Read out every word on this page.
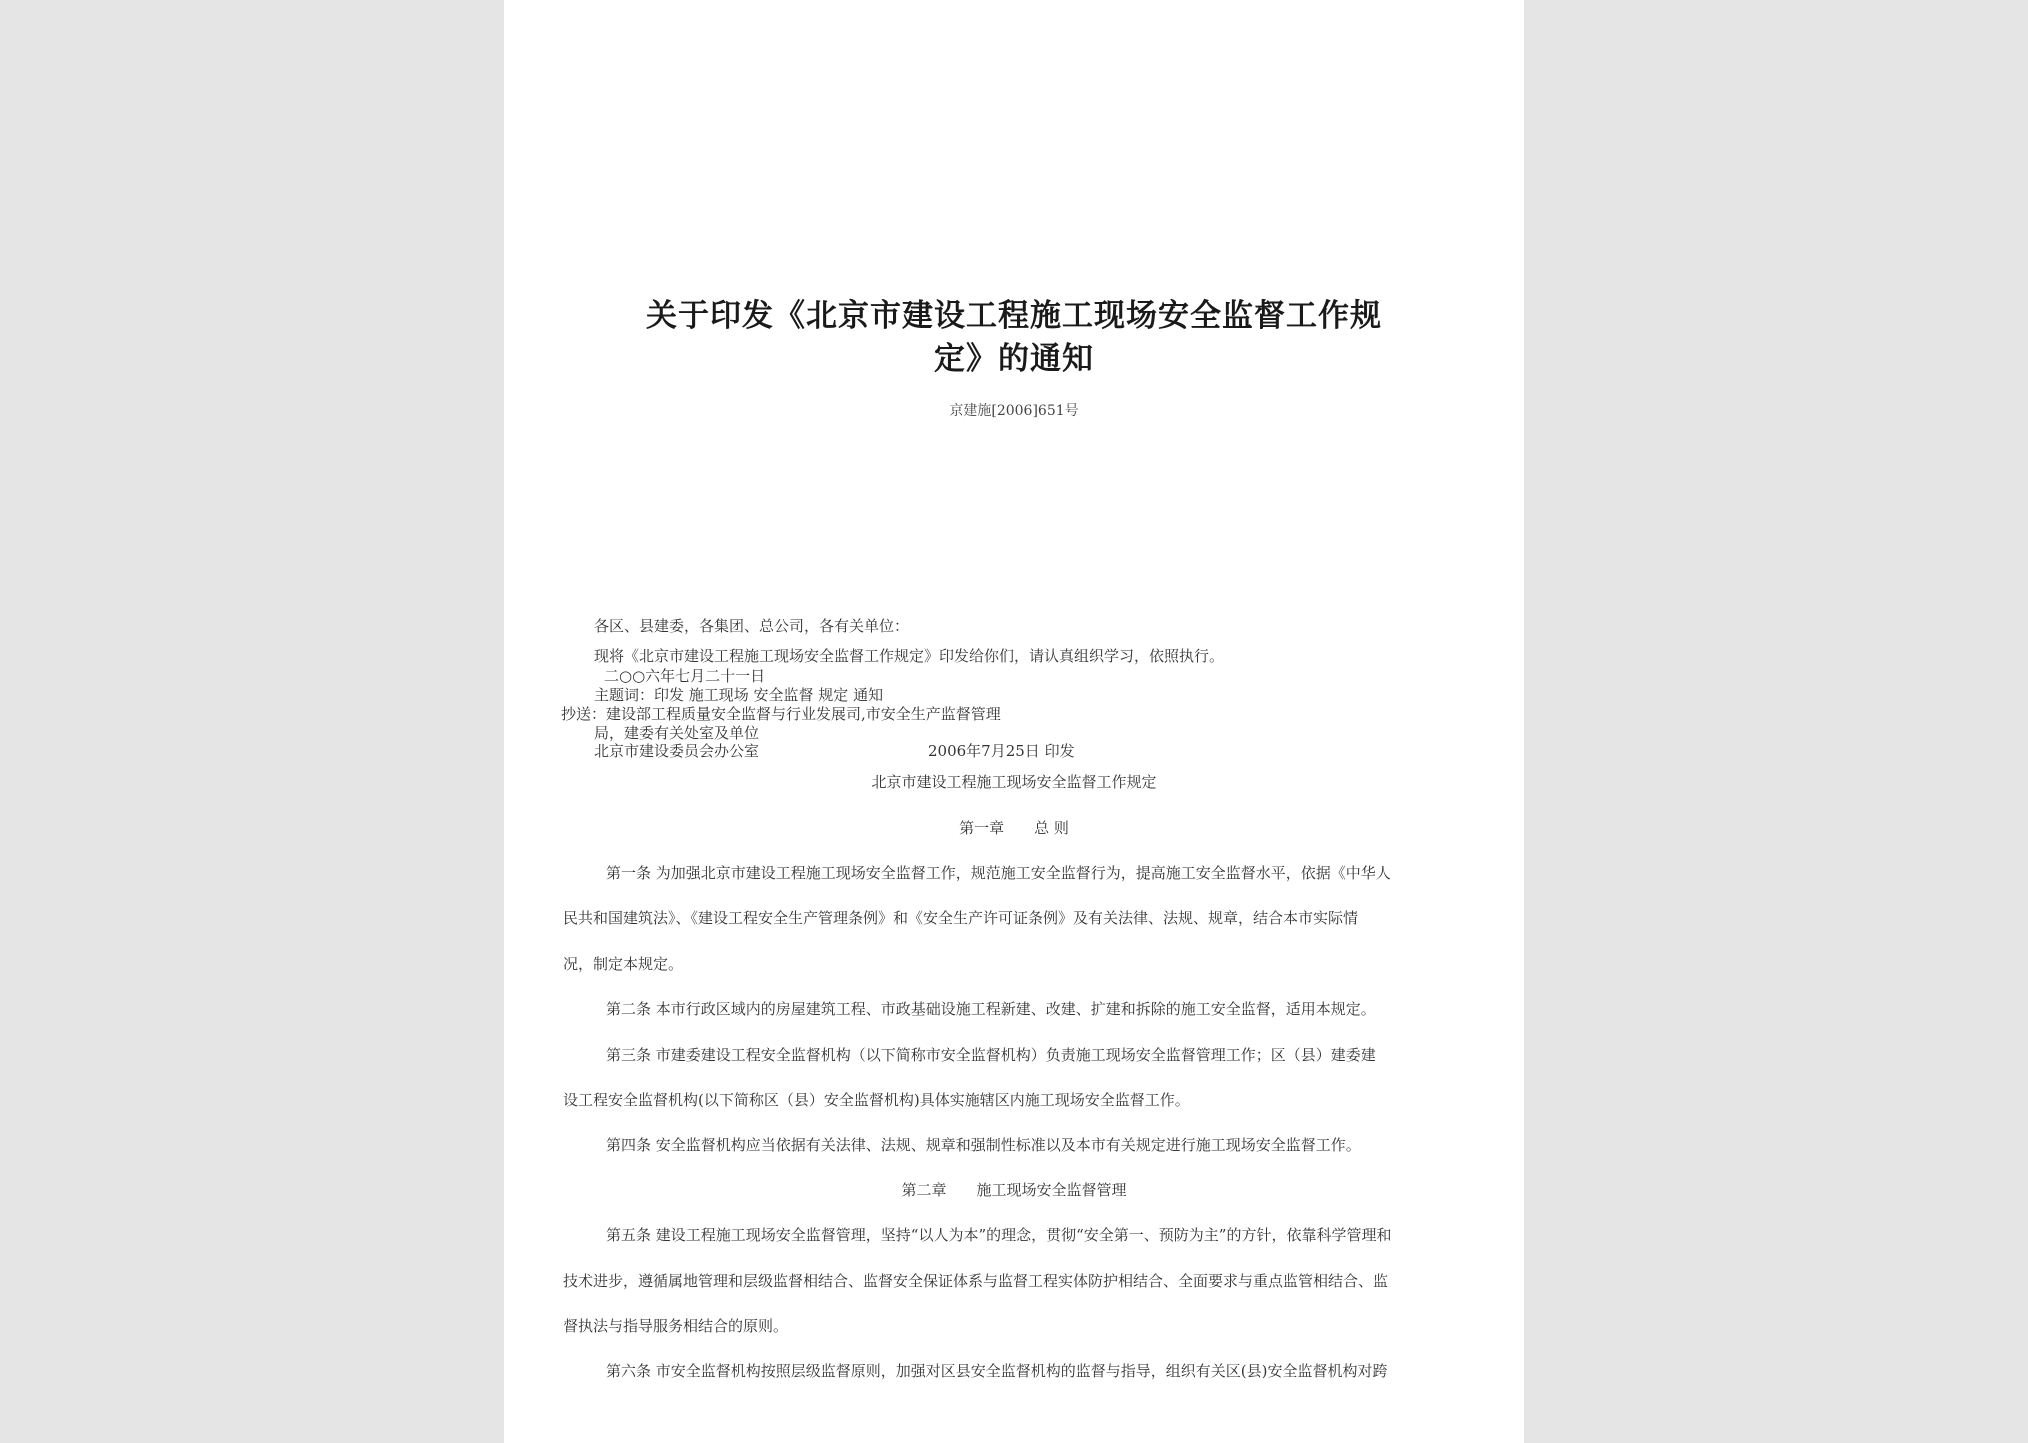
关于印发《北京市建设工程施工现场安全监督工作规
定》的通知
京建施[2006]651号
各区、县建委，各集团、总公司，各有关单位：
现将《北京市建设工程施工现场安全监督工作规定》印发给你们，请认真组织学习，依照执行。
二○○六年七月二十一日
主题词：印发 施工现场 安全监督 规定 通知
抄送：建设部工程质量安全监督与行业发展司,市安全生产监督管理
局，建委有关处室及单位
北京市建设委员会办公室	2006年7月25日 印发
北京市建设工程施工现场安全监督工作规定
第一章　　总 则
第一条 为加强北京市建设工程施工现场安全监督工作，规范施工安全监督行为，提高施工安全监督水平，依据《中华人
民共和国建筑法》、《建设工程安全生产管理条例》和《安全生产许可证条例》及有关法律、法规、规章，结合本市实际情
况，制定本规定。
第二条 本市行政区域内的房屋建筑工程、市政基础设施工程新建、改建、扩建和拆除的施工安全监督，适用本规定。
第三条 市建委建设工程安全监督机构（以下简称市安全监督机构）负责施工现场安全监督管理工作；区（县）建委建
设工程安全监督机构(以下简称区（县）安全监督机构)具体实施辖区内施工现场安全监督工作。
第四条 安全监督机构应当依据有关法律、法规、规章和强制性标准以及本市有关规定进行施工现场安全监督工作。
第二章　　施工现场安全监督管理
第五条 建设工程施工现场安全监督管理，坚持“以人为本”的理念，贯彻“安全第一、预防为主”的方针，依靠科学管理和
技术进步，遵循属地管理和层级监督相结合、监督安全保证体系与监督工程实体防护相结合、全面要求与重点监管相结合、监
督执法与指导服务相结合的原则。
第六条 市安全监督机构按照层级监督原则，加强对区县安全监督机构的监督与指导，组织有关区(县)安全监督机构对跨
